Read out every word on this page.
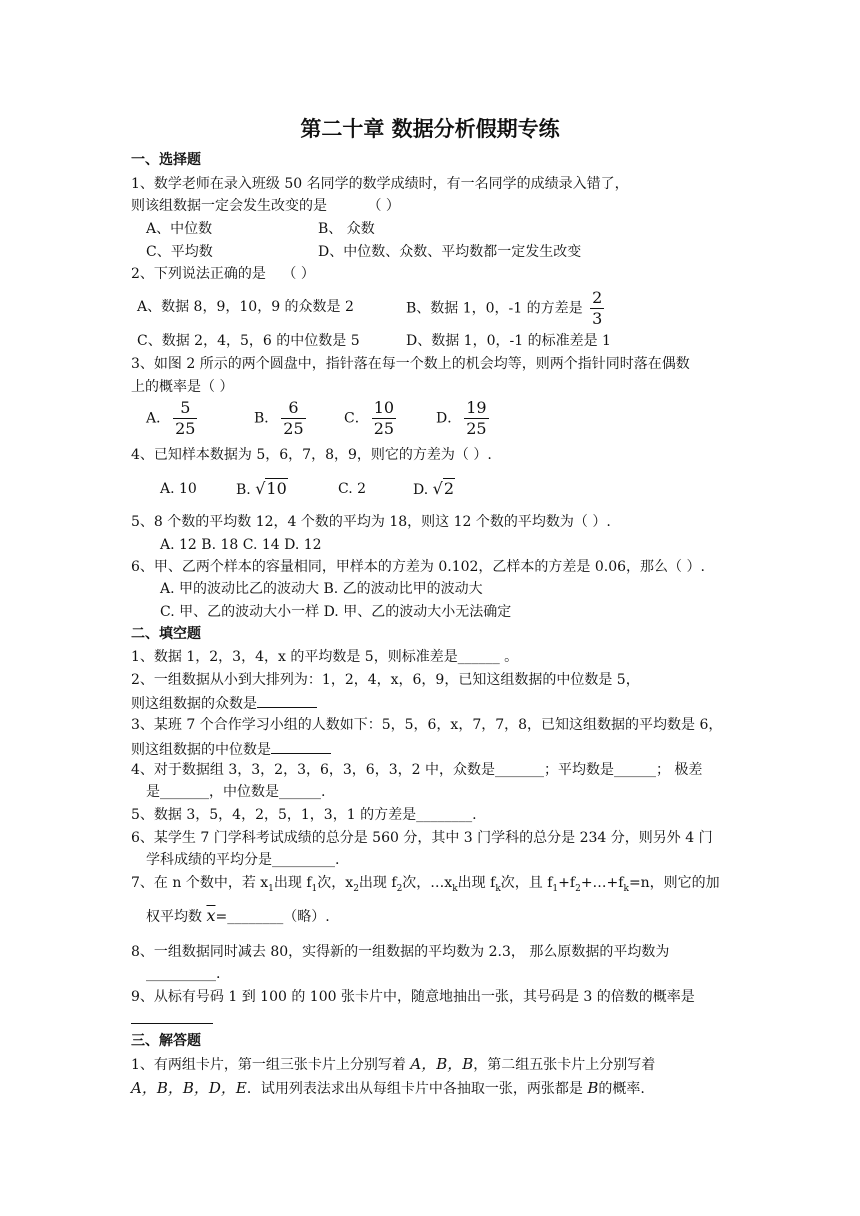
第二十章 数据分析假期专练
一、选择题
1、数学老师在录入班级 50 名同学的数学成绩时，有一名同学的成绩录入错了，
则该组数据一定会发生改变的是	（ ）
A、中位数	B、 众数
C、平均数	D、中位数、众数、平均数都一定发生改变
2、下列说法正确的是 （ ）
A、数据 8，9，10，9 的众数是 2	B、数据 1，0，-1 的方差是 $\frac{2}{3}$
C、数据 2，4，5，6 的中位数是 5	D、数据 1，0，-1 的标准差是 1
3、如图 2 所示的两个圆盘中，指针落在每一个数上的机会均等，则两个指针同时落在偶数
上的概率是（ ）
A． $\frac{5}{25}$	B． $\frac{6}{25}$	C． $\frac{10}{25}$	D． $\frac{19}{25}$
4、已知样本数据为 5，6，7，8，9，则它的方差为（ ）.
A. 10	B. √10	C. 2	D. √2
5、8 个数的平均数 12，4 个数的平均为 18，则这 12 个数的平均数为（ ）.
A. 12 B. 18 C. 14 D. 12
6、甲、乙两个样本的容量相同，甲样本的方差为 0.102，乙样本的方差是 0.06，那么（ ）.
A. 甲的波动比乙的波动大 B. 乙的波动比甲的波动大
C. 甲、乙的波动大小一样 D. 甲、乙的波动大小无法确定
二、填空题
1、数据 1，2，3，4，x 的平均数是 5，则标准差是______ 。
2、一组数据从小到大排列为：1，2，4，x，6，9，已知这组数据的中位数是 5，
则这组数据的众数是
3、某班 7 个合作学习小组的人数如下：5，5，6，x，7，7，8，已知这组数据的平均数是 6，
则这组数据的中位数是
4、对于数据组 3，3，2，3，6，3，6，3，2 中，众数是_______；平均数是______； 极差
是_______，中位数是______.
5、数据 3，5，4，2，5，1，3，1 的方差是________.
6、某学生 7 门学科考试成绩的总分是 560 分，其中 3 门学科的总分是 234 分，则另外 4 门
学科成绩的平均分是_________.
7、在 n 个数中，若 $x_1$出现 $f_1$次，$x_2$出现 $f_2$次，$\dots x_k$出现 $f_k$次，且 $f_1+f_2+\dots+f_k=n$，则它的加
权平均数 $\overline{x}=\_\_\_\_\_\_\_\_$（略）.
8、一组数据同时减去 80，实得新的一组数据的平均数为 2.3， 那么原数据的平均数为
__________.
9、从标有号码 1 到 100 的 100 张卡片中，随意地抽出一张，其号码是 3 的倍数的概率是
三、解答题
1、有两组卡片，第一组三张卡片上分别写着 A，B，B，第二组五张卡片上分别写着
A，B，B，D，E．试用列表法求出从每组卡片中各抽取一张，两张都是 B的概率.
